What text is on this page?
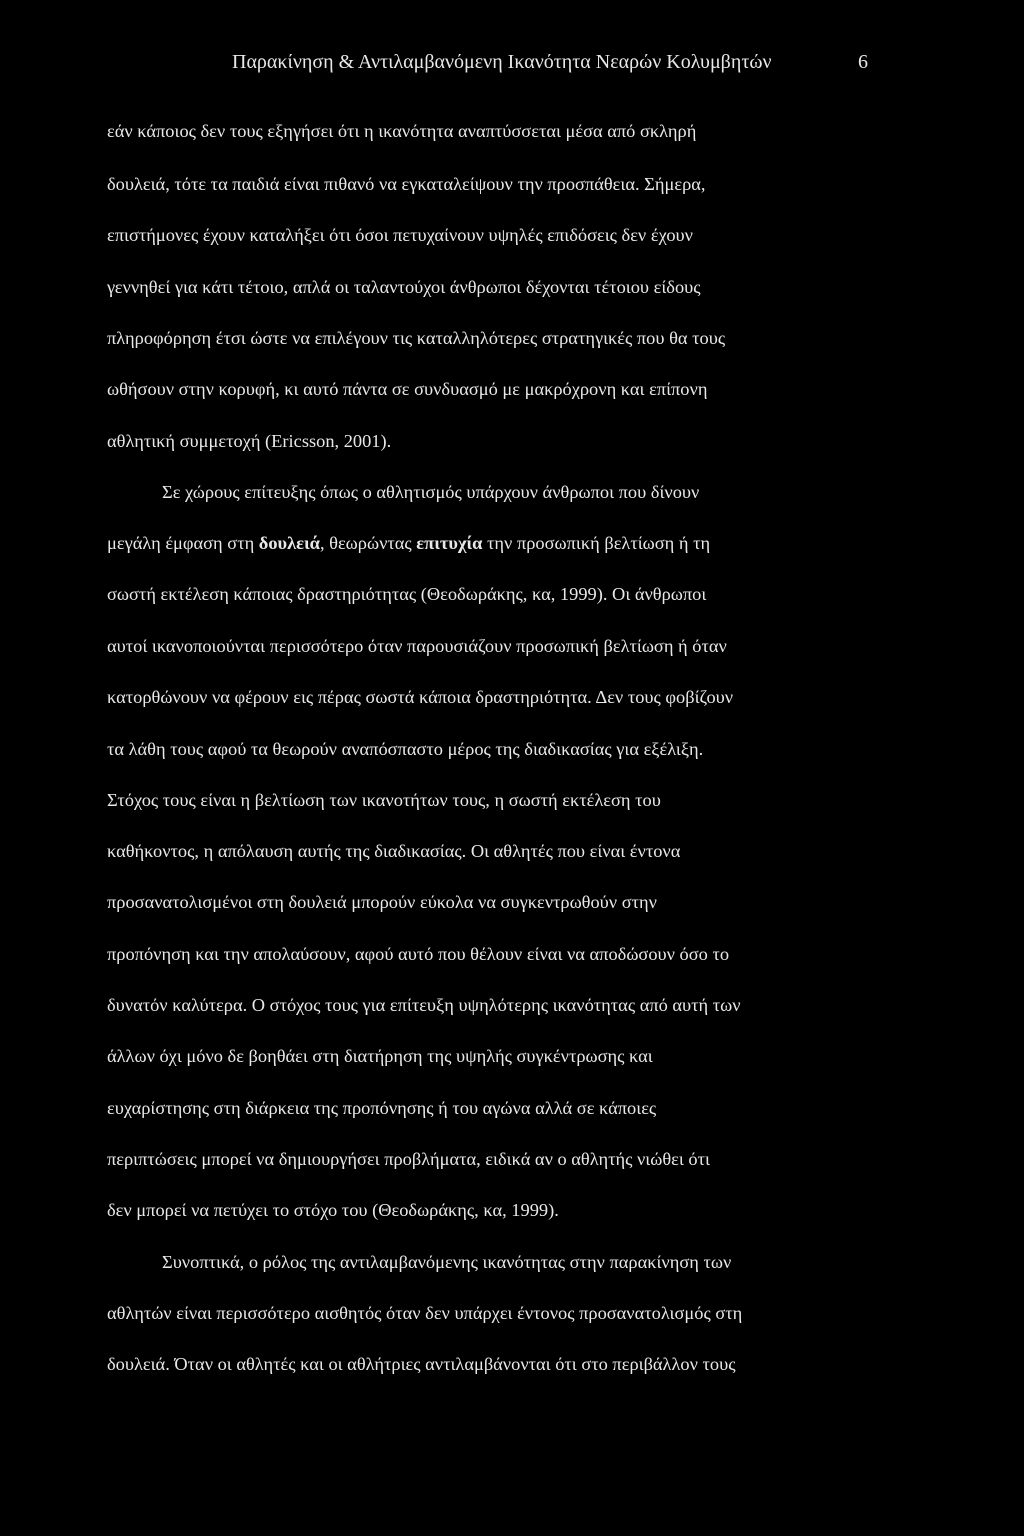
Παρακίνηση & Αντιλαμβανόμενη Ικανότητα Νεαρών Κολυμβητών	6
εάν κάποιος δεν τους εξηγήσει ότι η ικανότητα αναπτύσσεται μέσα από σκληρή
δουλειά, τότε τα παιδιά είναι πιθανό να εγκαταλείψουν την προσπάθεια. Σήμερα,
επιστήμονες έχουν καταλήξει ότι όσοι πετυχαίνουν υψηλές επιδόσεις δεν έχουν
γεννηθεί για κάτι τέτοιο, απλά οι ταλαντούχοι άνθρωποι δέχονται τέτοιου είδους
πληροφόρηση έτσι ώστε να επιλέγουν τις καταλληλότερες στρατηγικές που θα τους
ωθήσουν στην κορυφή, κι αυτό πάντα σε συνδυασμό με μακρόχρονη και επίπονη
αθλητική συμμετοχή (Ericsson, 2001).
Σε χώρους επίτευξης όπως ο αθλητισμός υπάρχουν άνθρωποι που δίνουν
μεγάλη έμφαση στη δουλειά, θεωρώντας επιτυχία την προσωπική βελτίωση ή τη
σωστή εκτέλεση κάποιας δραστηριότητας (Θεοδωράκης, κα, 1999). Οι άνθρωποι
αυτοί ικανοποιούνται περισσότερο όταν παρουσιάζουν προσωπική βελτίωση ή όταν
κατορθώνουν να φέρουν εις πέρας σωστά κάποια δραστηριότητα. Δεν τους φοβίζουν
τα λάθη τους αφού τα θεωρούν αναπόσπαστο μέρος της διαδικασίας για εξέλιξη.
Στόχος τους είναι η βελτίωση των ικανοτήτων τους, η σωστή εκτέλεση του
καθήκοντος, η απόλαυση αυτής της διαδικασίας. Οι αθλητές που είναι έντονα
προσανατολισμένοι στη δουλειά μπορούν εύκολα να συγκεντρωθούν στην
προπόνηση και την απολαύσουν, αφού αυτό που θέλουν είναι να αποδώσουν όσο το
δυνατόν καλύτερα. Ο στόχος τους για επίτευξη υψηλότερης ικανότητας από αυτή των
άλλων όχι μόνο δε βοηθάει στη διατήρηση της υψηλής συγκέντρωσης και
ευχαρίστησης στη διάρκεια της προπόνησης ή του αγώνα αλλά σε κάποιες
περιπτώσεις μπορεί να δημιουργήσει προβλήματα, ειδικά αν ο αθλητής νιώθει ότι
δεν μπορεί να πετύχει το στόχο του (Θεοδωράκης, κα, 1999).
Συνοπτικά, ο ρόλος της αντιλαμβανόμενης ικανότητας στην παρακίνηση των
αθλητών είναι περισσότερο αισθητός όταν δεν υπάρχει έντονος προσανατολισμός στη
δουλειά. Όταν οι αθλητές και οι αθλήτριες αντιλαμβάνονται ότι στο περιβάλλον τους
